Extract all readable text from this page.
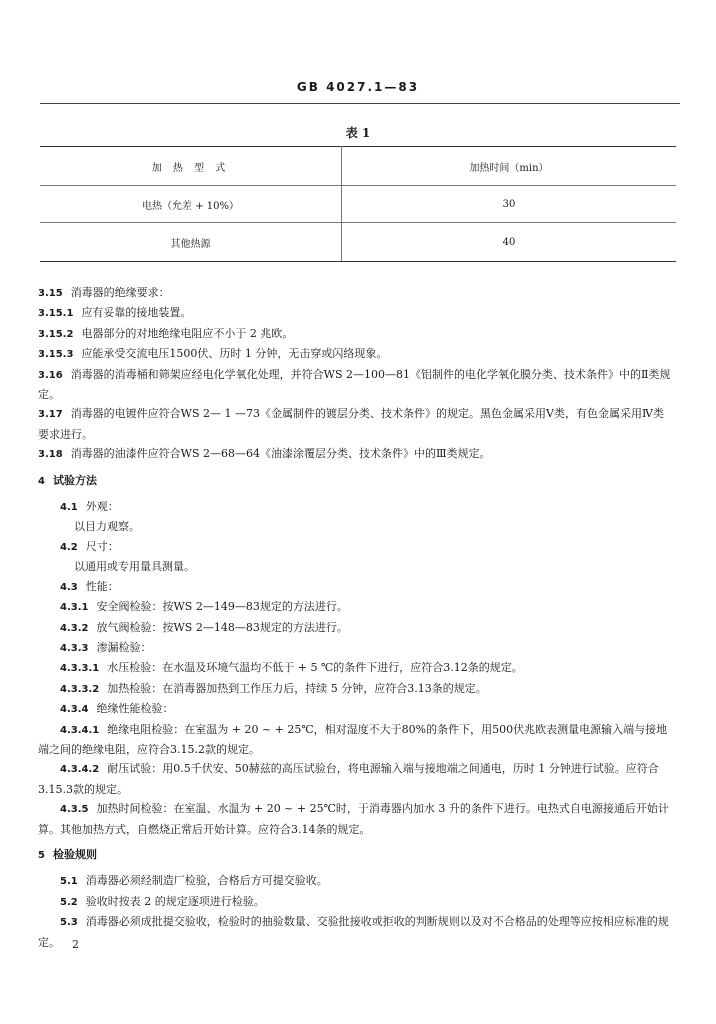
GB 4027.1—83
表 1
加 热 型 式	加热时间（min）
电热（允差 + 10%）	30
其他热源	40

3.15 消毒器的绝缘要求：

3.15.1 应有妥靠的接地装置。

3.15.2 电器部分的对地绝缘电阻应不小于 2 兆欧。

3.15.3 应能承受交流电压1500伏、历时 1 分钟，无击穿或闪络现象。

3.16 消毒器的消毒桶和筛架应经电化学氧化处理，并符合WS 2—100—81《铝制件的电化学氧化膜分类、技术条件》中的Ⅱ类规定。

3.17 消毒器的电镀件应符合WS 2— 1 —73《金属制件的镀层分类、技术条件》的规定。黑色金属采用Ⅴ类，有色金属采用Ⅳ类要求进行。

3.18 消毒器的油漆件应符合WS 2—68—64《油漆涂覆层分类、技术条件》中的Ⅲ类规定。

4 试验方法

4.1 外观：

以目力观察。

4.2 尺寸：

以通用或专用量具测量。

4.3 性能：

4.3.1 安全阀检验：按WS 2—149—83规定的方法进行。

4.3.2 放气阀检验：按WS 2—148—83规定的方法进行。

4.3.3 渗漏检验：

4.3.3.1 水压检验：在水温及环境气温均不低于 + 5 ℃的条件下进行，应符合3.12条的规定。

4.3.3.2 加热检验：在消毒器加热到工作压力后，持续 5 分钟，应符合3.13条的规定。

4.3.4 绝缘性能检验：

4.3.4.1 绝缘电阻检验：在室温为 + 20 ~ + 25℃，相对湿度不大于80%的条件下，用500伏兆欧表测量电源输入端与接地端之间的绝缘电阻，应符合3.15.2款的规定。

4.3.4.2 耐压试验：用0.5千伏安、50赫兹的高压试验台，将电源输入端与接地端之间通电，历时 1 分钟进行试验。应符合3.15.3款的规定。

4.3.5 加热时间检验：在室温、水温为 + 20 ~ + 25℃时，于消毒器内加水 3 升的条件下进行。电热式自电源接通后开始计算。其他加热方式，自燃烧正常后开始计算。应符合3.14条的规定。

5 检验规则

5.1 消毒器必须经制造厂检验，合格后方可提交验收。

5.2 验收时按表 2 的规定逐项进行检验。

5.3 消毒器必须成批提交验收，检验时的抽验数量、交验批接收或拒收的判断规则以及对不合格品的处理等应按相应标准的规定。	2
